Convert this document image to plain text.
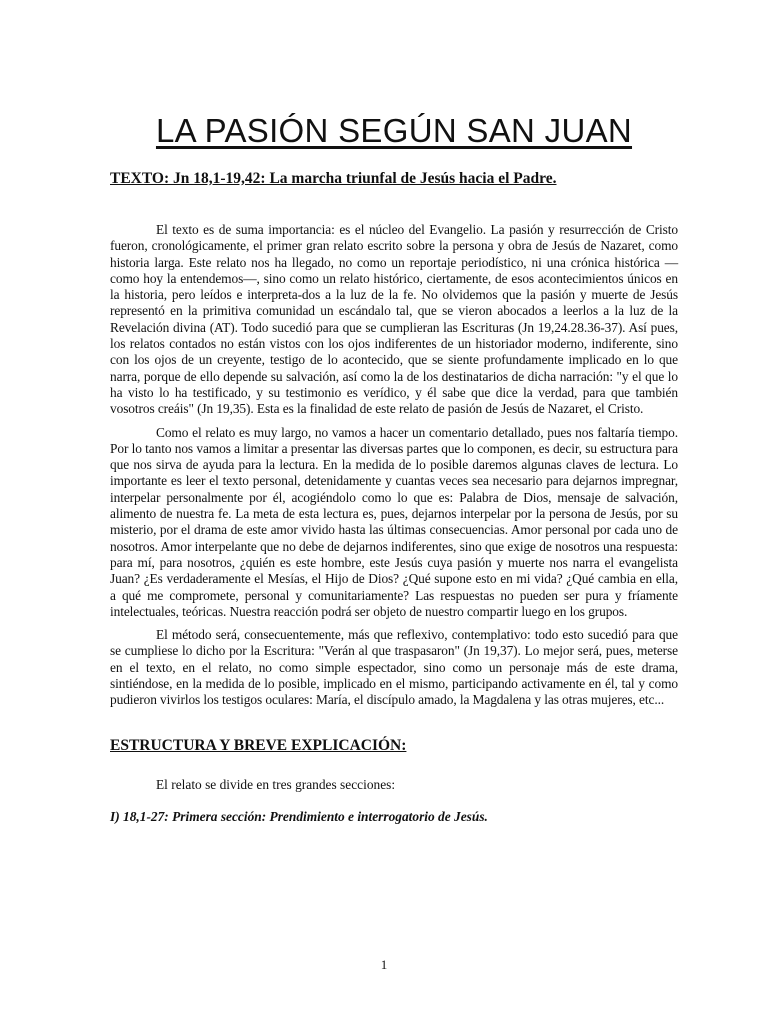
LA PASIÓN SEGÚN SAN JUAN
TEXTO: Jn 18,1-19,42: La marcha triunfal de Jesús hacia el Padre.

El texto es de suma importancia: es el núcleo del Evangelio. La pasión y resurrección de Cristo fueron, cronológicamente, el primer gran relato escrito sobre la persona y obra de Jesús de Nazaret, como historia larga. Este relato nos ha llegado, no como un reportaje periodístico, ni una crónica histórica —como hoy la entendemos—, sino como un relato histórico, ciertamente, de esos acontecimientos únicos en la historia, pero leídos e interpreta-dos a la luz de la fe. No olvidemos que la pasión y muerte de Jesús representó en la primitiva comunidad un escándalo tal, que se vieron abocados a leerlos a la luz de la Revelación divina (AT). Todo sucedió para que se cumplieran las Escrituras (Jn 19,24.28.36-37). Así pues, los relatos contados no están vistos con los ojos indiferentes de un historiador moderno, indiferente, sino con los ojos de un creyente, testigo de lo acontecido, que se siente profundamente implicado en lo que narra, porque de ello depende su salvación, así como la de los destinatarios de dicha narración: "y el que lo ha visto lo ha testificado, y su testimonio es verídico, y él sabe que dice la verdad, para que también vosotros creáis" (Jn 19,35). Esta es la finalidad de este relato de pasión de Jesús de Nazaret, el Cristo.

Como el relato es muy largo, no vamos a hacer un comentario detallado, pues nos faltaría tiempo. Por lo tanto nos vamos a limitar a presentar las diversas partes que lo componen, es decir, su estructura para que nos sirva de ayuda para la lectura. En la medida de lo posible daremos algunas claves de lectura. Lo importante es leer el texto personal, detenidamente y cuantas veces sea necesario para dejarnos impregnar, interpelar personalmente por él, acogiéndolo como lo que es: Palabra de Dios, mensaje de salvación, alimento de nuestra fe. La meta de esta lectura es, pues, dejarnos interpelar por la persona de Jesús, por su misterio, por el drama de este amor vivido hasta las últimas consecuencias. Amor personal por cada uno de nosotros. Amor interpelante que no debe de dejarnos indiferentes, sino que exige de nosotros una respuesta: para mí, para nosotros, ¿quién es este hombre, este Jesús cuya pasión y muerte nos narra el evangelista Juan? ¿Es verdaderamente el Mesías, el Hijo de Dios? ¿Qué supone esto en mi vida? ¿Qué cambia en ella, a qué me compromete, personal y comunitariamente? Las respuestas no pueden ser pura y fríamente intelectuales, teóricas. Nuestra reacción podrá ser objeto de nuestro compartir luego en los grupos.

El método será, consecuentemente, más que reflexivo, contemplativo: todo esto sucedió para que se cumpliese lo dicho por la Escritura: "Verán al que traspasaron" (Jn 19,37). Lo mejor será, pues, meterse en el texto, en el relato, no como simple espectador, sino como un personaje más de este drama, sintiéndose, en la medida de lo posible, implicado en el mismo, participando activamente en él, tal y como pudieron vivirlos los testigos oculares: María, el discípulo amado, la Magdalena y las otras mujeres, etc...

ESTRUCTURA Y BREVE EXPLICACIÓN:

El relato se divide en tres grandes secciones:

I) 18,1-27: Primera sección: Prendimiento e interrogatorio de Jesús.

1
